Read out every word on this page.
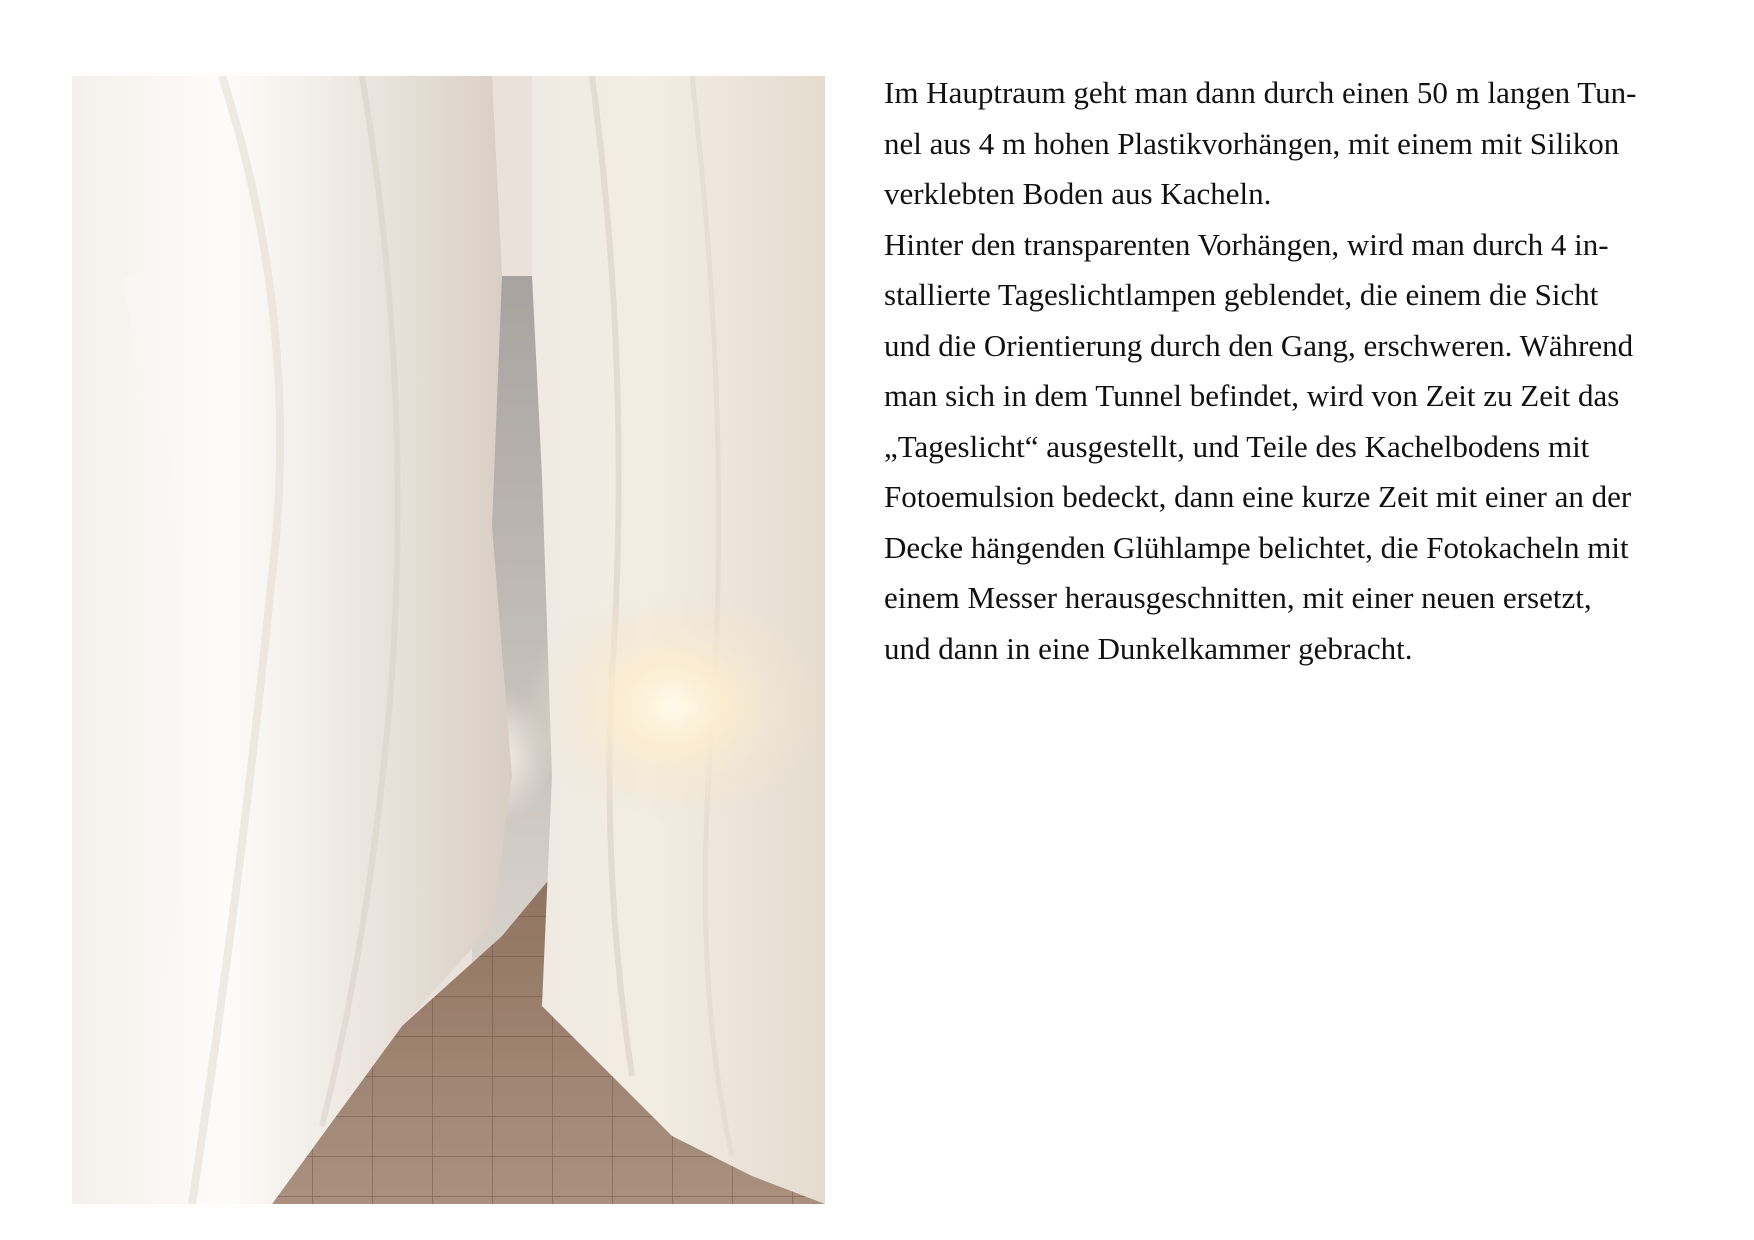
Im Hauptraum geht man dann durch einen 50 m langen Tun-
nel aus 4 m hohen Plastikvorhängen, mit einem mit Silikon
verklebten Boden aus Kacheln.
Hinter den transparenten Vorhängen, wird man durch 4 in-
stallierte Tageslichtlampen geblendet, die einem die Sicht
und die Orientierung durch den Gang, erschweren. Während
man sich in dem Tunnel befindet, wird von Zeit zu Zeit das
„Tageslicht“ ausgestellt, und Teile des Kachelbodens mit
Fotoemulsion bedeckt, dann eine kurze Zeit mit einer an der
Decke hängenden Glühlampe belichtet, die Fotokacheln mit
einem Messer herausgeschnitten, mit einer neuen ersetzt,
und dann in eine Dunkelkammer gebracht.
